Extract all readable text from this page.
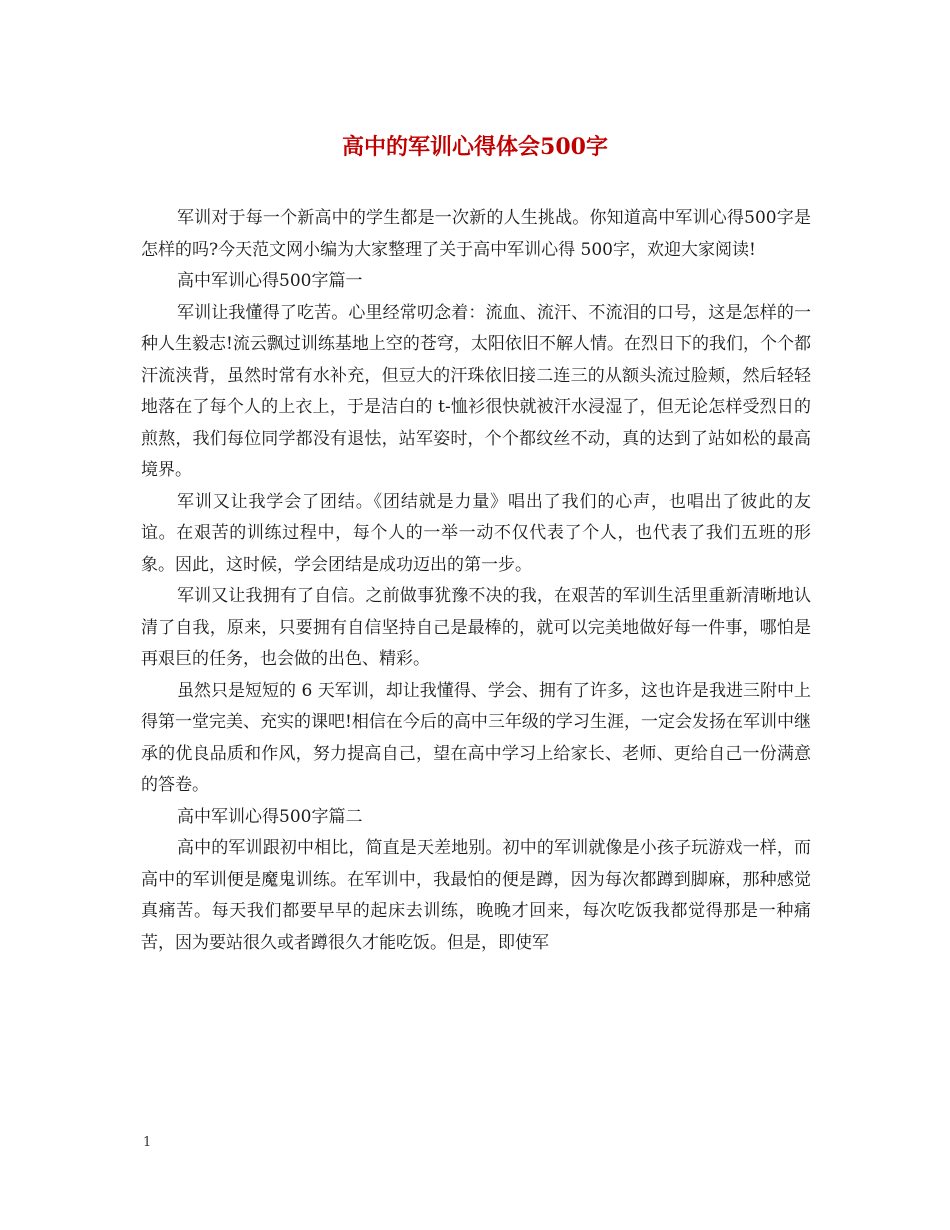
高中的军训心得体会500字

军训对于每一个新高中的学生都是一次新的人生挑战。你知道高中军训心得500字是怎样的吗?今天范文网小编为大家整理了关于高中军训心得 500字，欢迎大家阅读!

高中军训心得500字篇一

军训让我懂得了吃苦。心里经常叨念着：流血、流汗、不流泪的口号，这是怎样的一种人生毅志!流云飘过训练基地上空的苍穹，太阳依旧不解人情。在烈日下的我们，个个都汗流浃背，虽然时常有水补充，但豆大的汗珠依旧接二连三的从额头流过脸颊，然后轻轻地落在了每个人的上衣上，于是洁白的 t-恤衫很快就被汗水浸湿了，但无论怎样受烈日的煎熬，我们每位同学都没有退怯，站军姿时，个个都纹丝不动，真的达到了站如松的最高境界。

军训又让我学会了团结。《团结就是力量》唱出了我们的心声，也唱出了彼此的友谊。在艰苦的训练过程中，每个人的一举一动不仅代表了个人，也代表了我们五班的形象。因此，这时候，学会团结是成功迈出的第一步。

军训又让我拥有了自信。之前做事犹豫不决的我，在艰苦的军训生活里重新清晰地认清了自我，原来，只要拥有自信坚持自己是最棒的，就可以完美地做好每一件事，哪怕是再艰巨的任务，也会做的出色、精彩。

虽然只是短短的 6 天军训，却让我懂得、学会、拥有了许多，这也许是我进三附中上得第一堂完美、充实的课吧!相信在今后的高中三年级的学习生涯，一定会发扬在军训中继承的优良品质和作风，努力提高自己，望在高中学习上给家长、老师、更给自己一份满意的答卷。

高中军训心得500字篇二

高中的军训跟初中相比，简直是天差地别。初中的军训就像是小孩子玩游戏一样，而高中的军训便是魔鬼训练。在军训中，我最怕的便是蹲，因为每次都蹲到脚麻，那种感觉真痛苦。每天我们都要早早的起床去训练，晚晚才回来，每次吃饭我都觉得那是一种痛苦，因为要站很久或者蹲很久才能吃饭。但是，即使军

1
